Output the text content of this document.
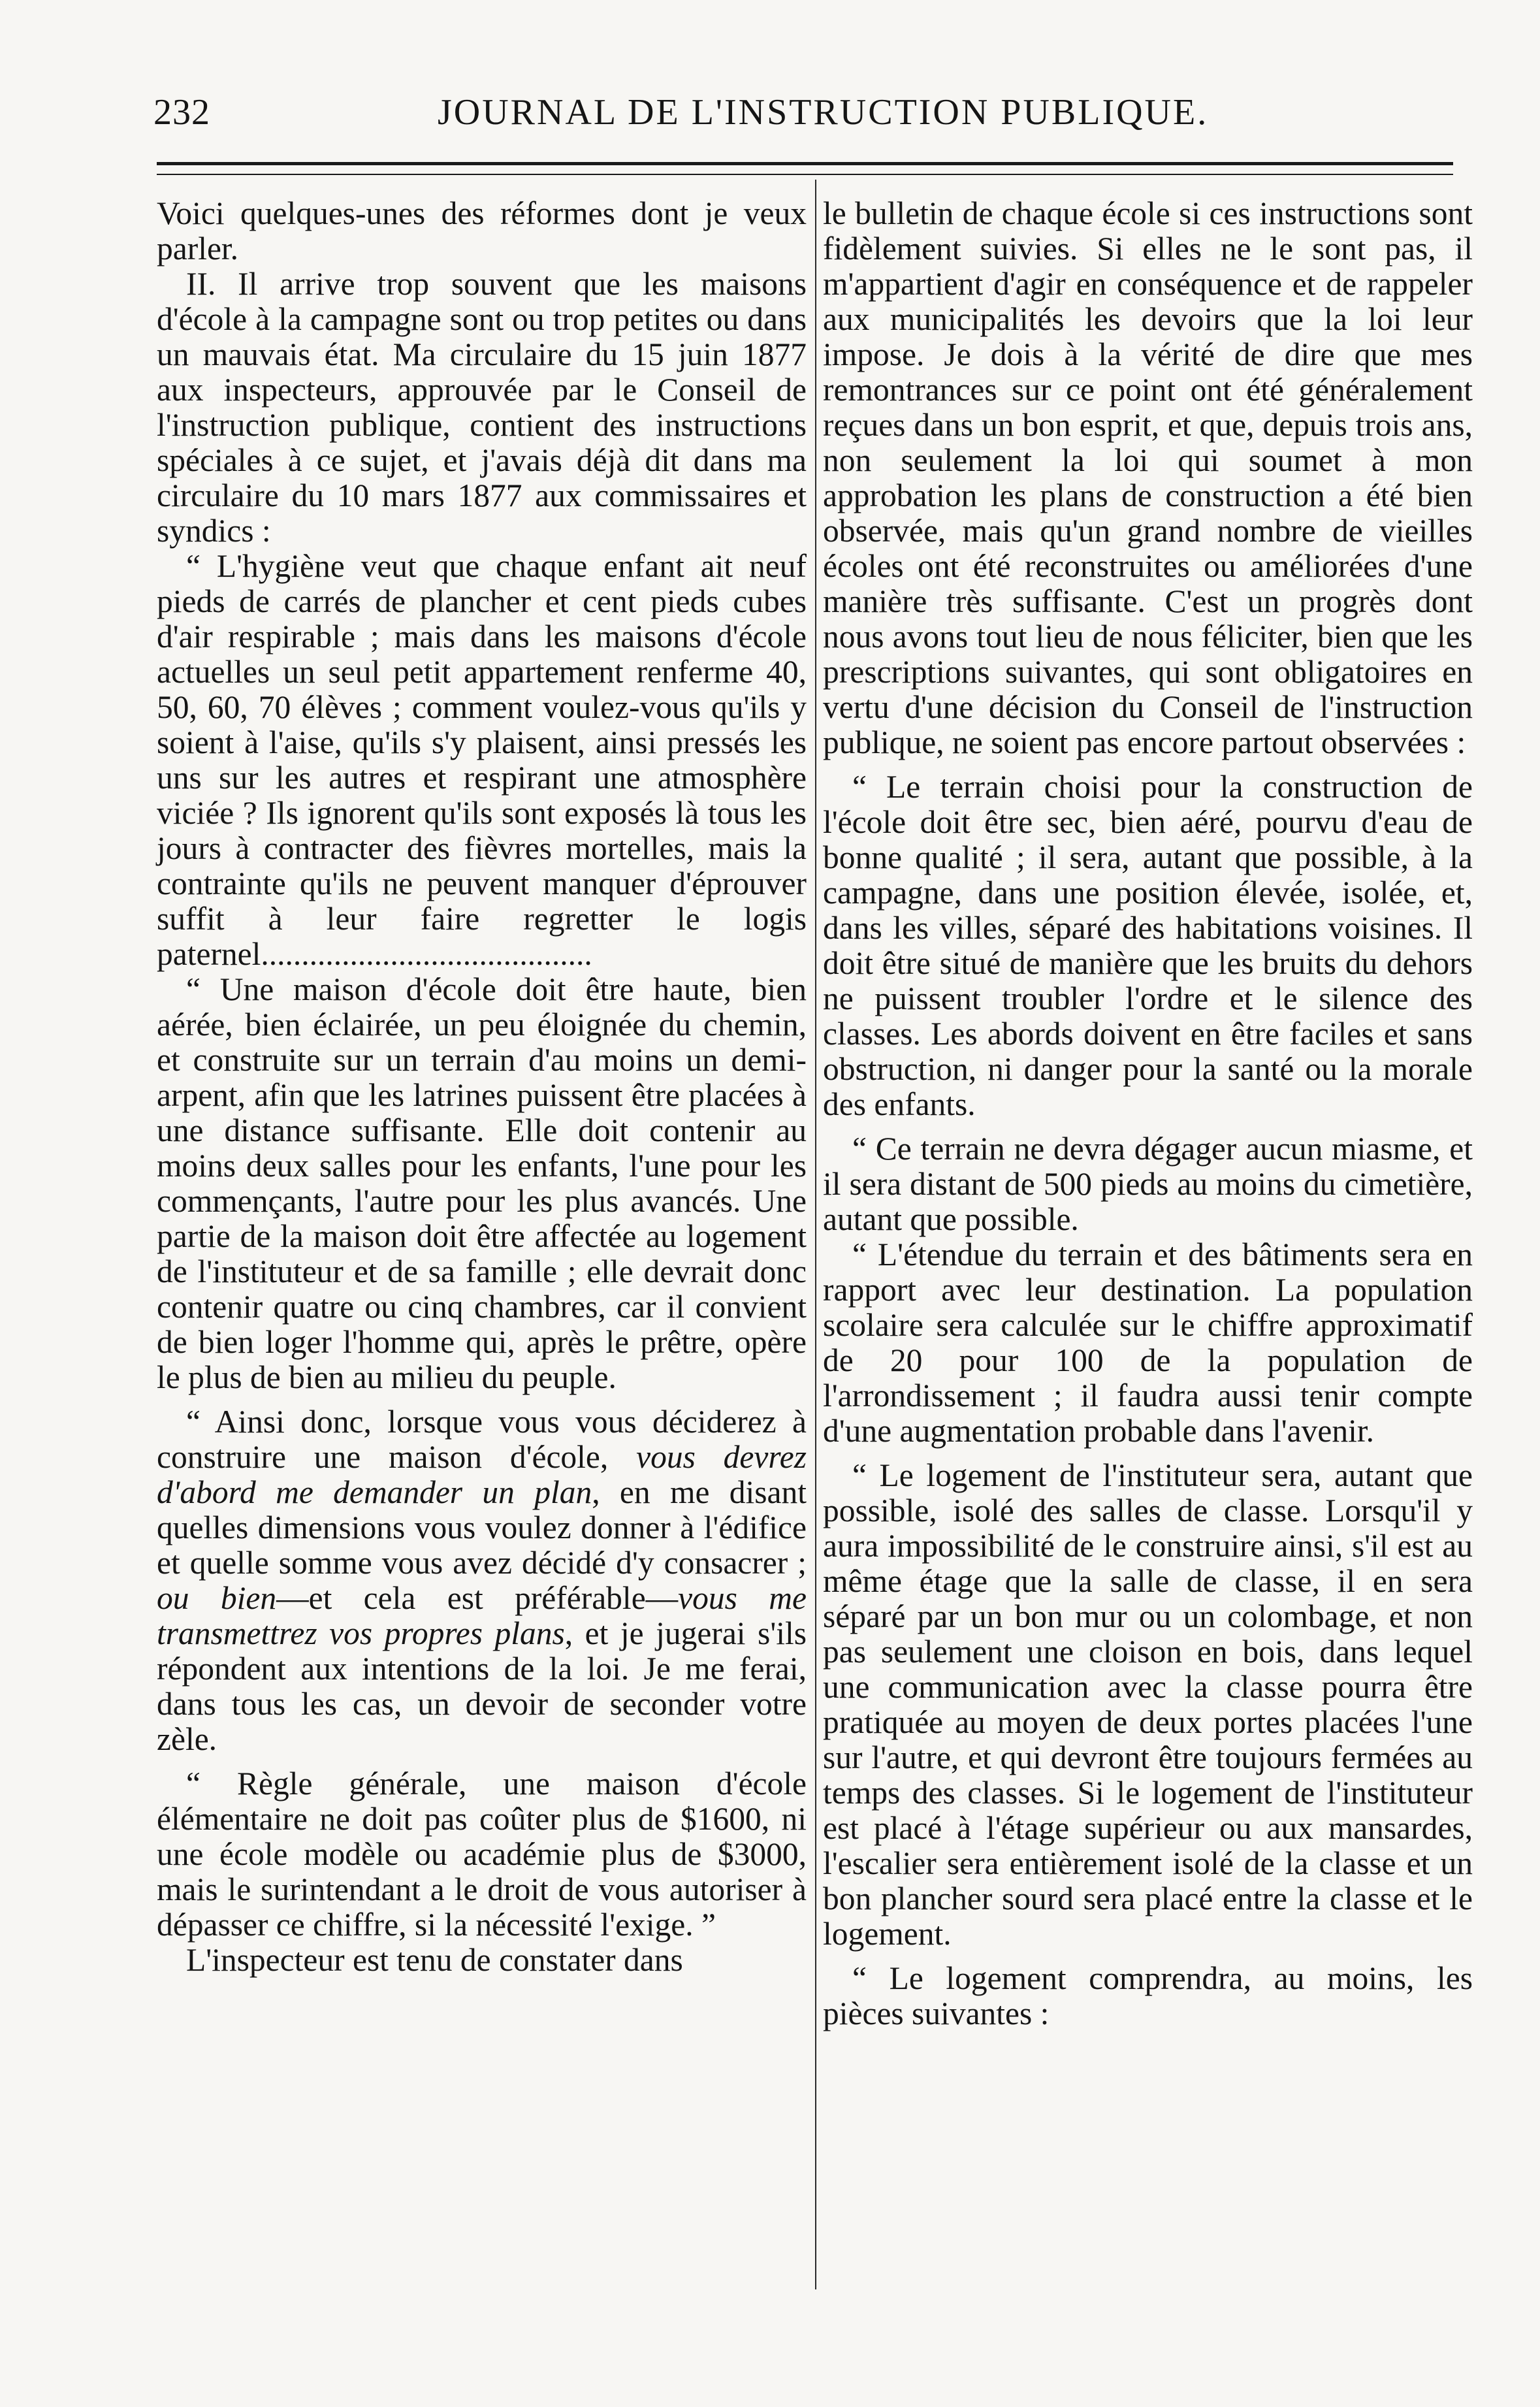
232	JOURNAL DE L'INSTRUCTION PUBLIQUE.

Voici quelques-unes des réformes dont je veux parler.

II. Il arrive trop souvent que les maisons d'école à la campagne sont ou trop petites ou dans un mauvais état. Ma circulaire du 15 juin 1877 aux inspecteurs, approuvée par le Conseil de l'instruction publique, contient des instructions spéciales à ce sujet, et j'avais déjà dit dans ma circulaire du 10 mars 1877 aux commissaires et syndics :

“ L'hygiène veut que chaque enfant ait neuf pieds de carrés de plancher et cent pieds cubes d'air respirable ; mais dans les maisons d'école actuelles un seul petit appartement renferme 40, 50, 60, 70 élèves ; comment voulez-vous qu'ils y soient à l'aise, qu'ils s'y plaisent, ainsi pressés les uns sur les autres et respirant une atmosphère viciée ? Ils ignorent qu'ils sont exposés là tous les jours à contracter des fièvres mortelles, mais la contrainte qu'ils ne peuvent manquer d'éprouver suffit à leur faire regretter le logis paternel.........................................

“ Une maison d'école doit être haute, bien aérée, bien éclairée, un peu éloignée du chemin, et construite sur un terrain d'au moins un demi-arpent, afin que les latrines puissent être placées à une distance suffisante. Elle doit contenir au moins deux salles pour les enfants, l'une pour les commençants, l'autre pour les plus avancés. Une partie de la maison doit être affectée au logement de l'instituteur et de sa famille ; elle devrait donc contenir quatre ou cinq chambres, car il convient de bien loger l'homme qui, après le prêtre, opère le plus de bien au milieu du peuple.

“ Ainsi donc, lorsque vous vous déciderez à construire une maison d'école, vous devrez d'abord me demander un plan, en me disant quelles dimensions vous voulez donner à l'édifice et quelle somme vous avez décidé d'y consacrer ; ou bien—et cela est préférable—vous me transmettrez vos propres plans, et je jugerai s'ils répondent aux intentions de la loi. Je me ferai, dans tous les cas, un devoir de seconder votre zèle.

“ Règle générale, une maison d'école élémentaire ne doit pas coûter plus de $1600, ni une école modèle ou académie plus de $3000, mais le surintendant a le droit de vous autoriser à dépasser ce chiffre, si la nécessité l'exige. ”

L'inspecteur est tenu de constater dans

le bulletin de chaque école si ces instructions sont fidèlement suivies. Si elles ne le sont pas, il m'appartient d'agir en conséquence et de rappeler aux municipalités les devoirs que la loi leur impose. Je dois à la vérité de dire que mes remontrances sur ce point ont été généralement reçues dans un bon esprit, et que, depuis trois ans, non seulement la loi qui soumet à mon approbation les plans de construction a été bien observée, mais qu'un grand nombre de vieilles écoles ont été reconstruites ou améliorées d'une manière très suffisante. C'est un progrès dont nous avons tout lieu de nous féliciter, bien que les prescriptions suivantes, qui sont obligatoires en vertu d'une décision du Conseil de l'instruction publique, ne soient pas encore partout observées :

“ Le terrain choisi pour la construction de l'école doit être sec, bien aéré, pourvu d'eau de bonne qualité ; il sera, autant que possible, à la campagne, dans une position élevée, isolée, et, dans les villes, séparé des habitations voisines. Il doit être situé de manière que les bruits du dehors ne puissent troubler l'ordre et le silence des classes. Les abords doivent en être faciles et sans obstruction, ni danger pour la santé ou la morale des enfants.

“ Ce terrain ne devra dégager aucun miasme, et il sera distant de 500 pieds au moins du cimetière, autant que possible.

“ L'étendue du terrain et des bâtiments sera en rapport avec leur destination. La population scolaire sera calculée sur le chiffre approximatif de 20 pour 100 de la population de l'arrondissement ; il faudra aussi tenir compte d'une augmentation probable dans l'avenir.

“ Le logement de l'instituteur sera, autant que possible, isolé des salles de classe. Lorsqu'il y aura impossibilité de le construire ainsi, s'il est au même étage que la salle de classe, il en sera séparé par un bon mur ou un colombage, et non pas seulement une cloison en bois, dans lequel une communication avec la classe pourra être pratiquée au moyen de deux portes placées l'une sur l'autre, et qui devront être toujours fermées au temps des classes. Si le logement de l'instituteur est placé à l'étage supérieur ou aux mansardes, l'escalier sera entièrement isolé de la classe et un bon plancher sourd sera placé entre la classe et le logement.

“ Le logement comprendra, au moins, les pièces suivantes :
